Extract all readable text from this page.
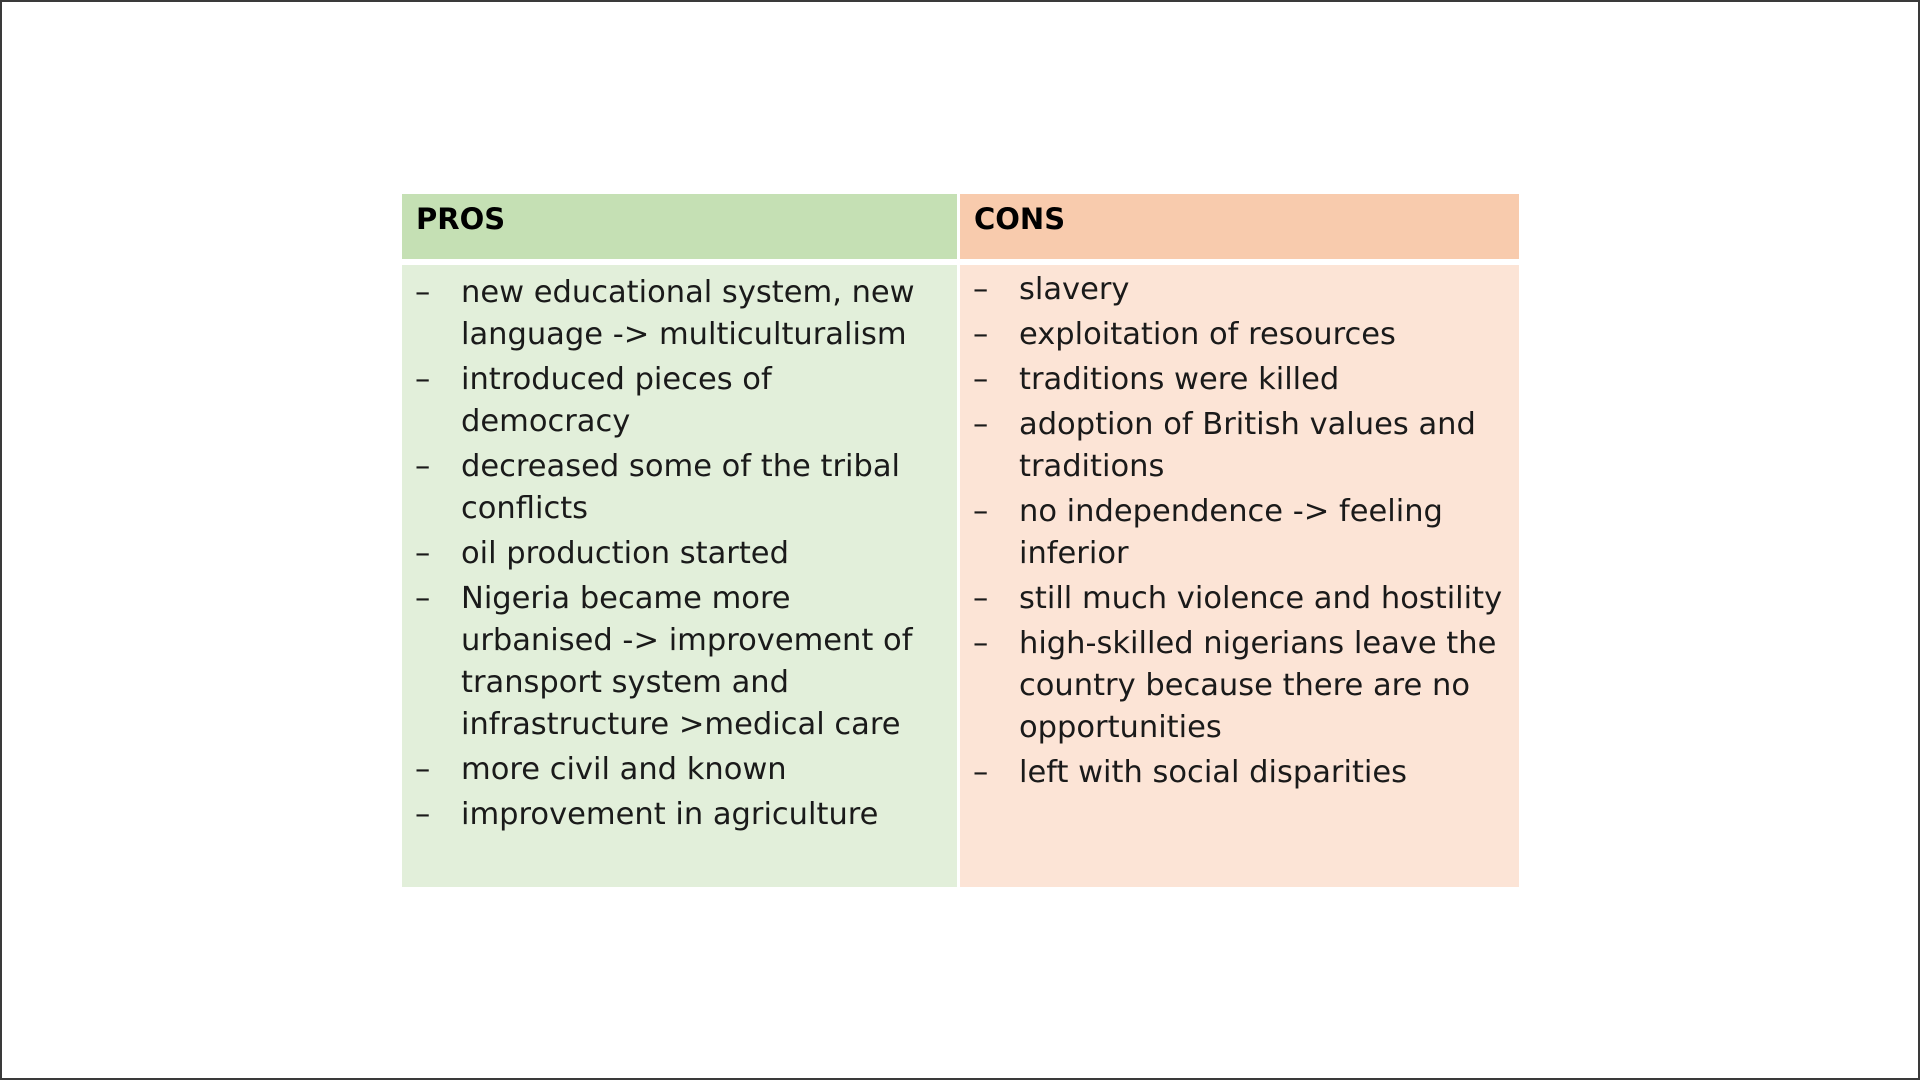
PROS	CONS
– new educational system, new language -> multiculturalism
– introduced pieces of democracy
– decreased some of the tribal conflicts
– oil production started
– Nigeria became more urbanised -> improvement of transport system and infrastructure >medical care
– more civil and known
– improvement in agriculture
– slavery
– exploitation of resources
– traditions were killed
– adoption of British values and traditions
– no independence -> feeling inferior
– still much violence and hostility
– high-skilled nigerians leave the country because there are no opportunities
– left with social disparities
